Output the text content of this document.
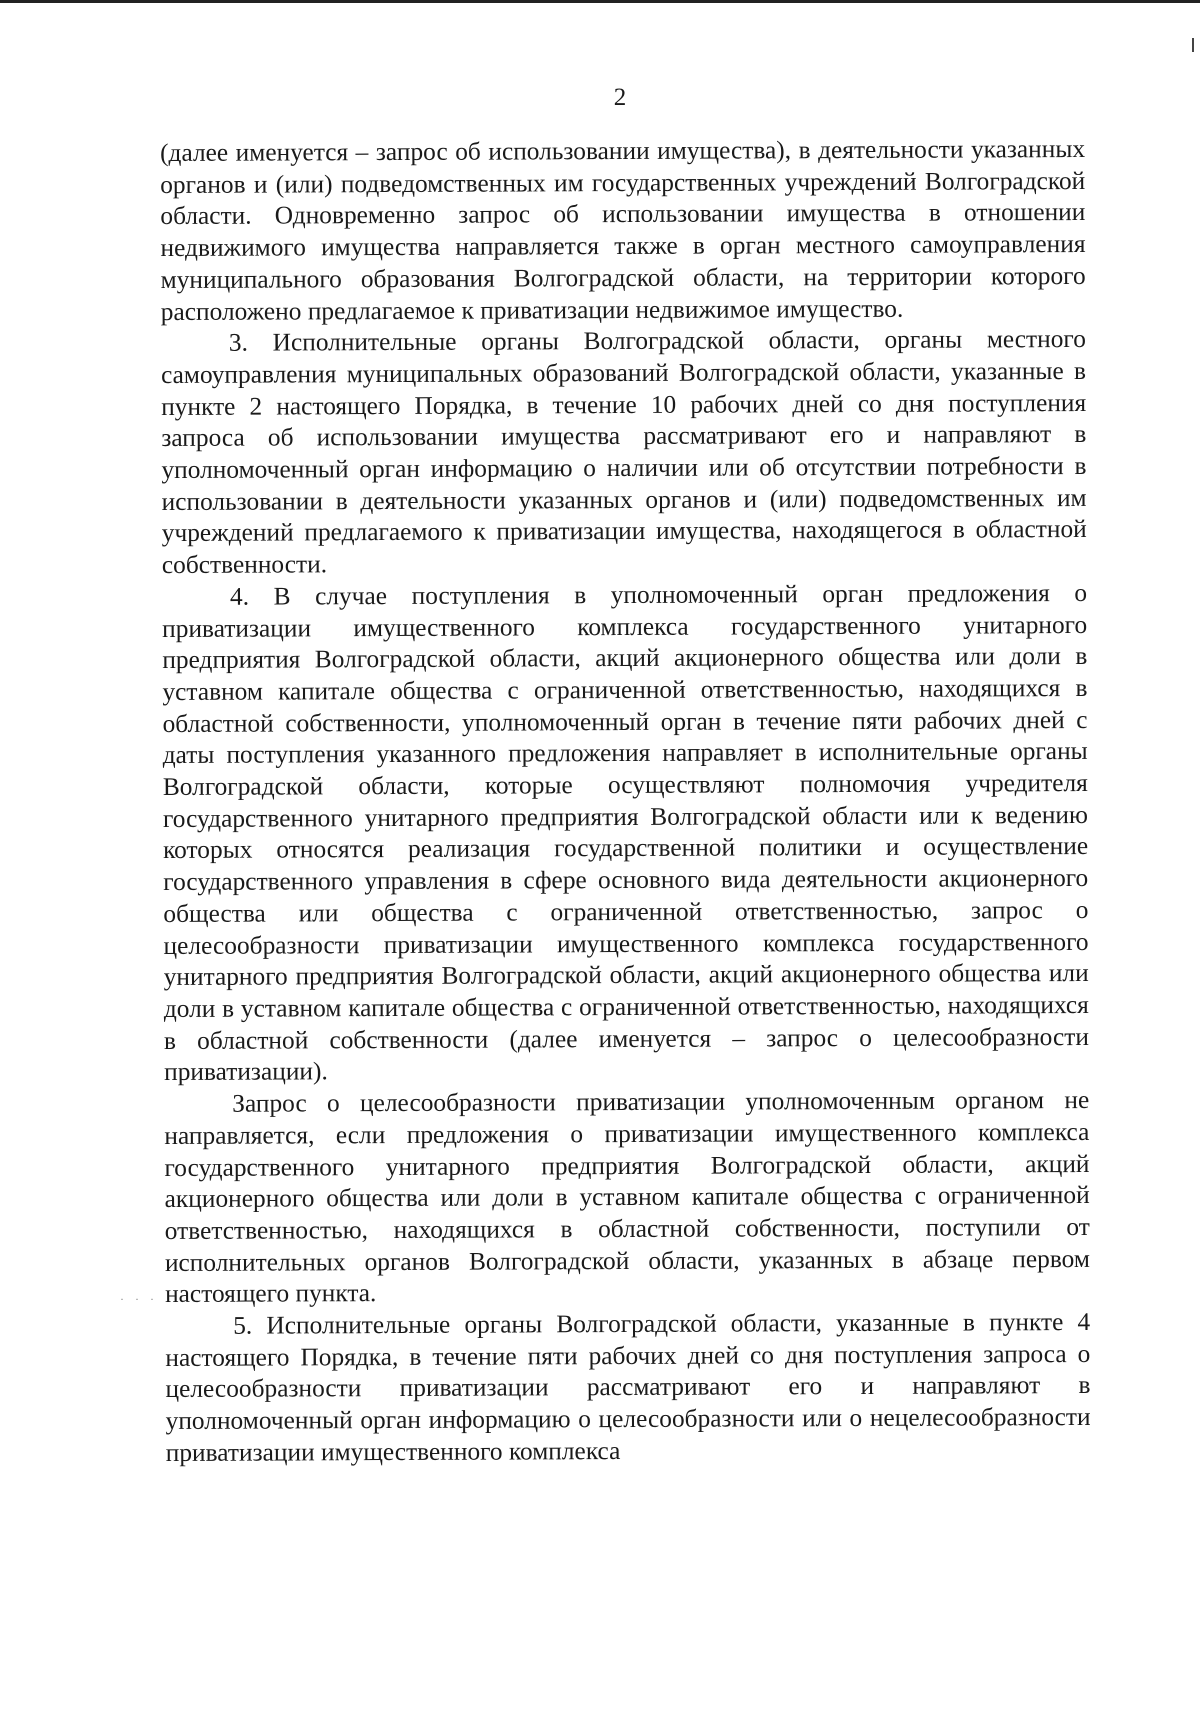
2

(далее именуется – запрос об использовании имущества), в деятельности указанных органов и (или) подведомственных им государственных учреждений Волгоградской области. Одновременно запрос об использовании имущества в отношении недвижимого имущества направляется также в орган местного самоуправления муниципального образования Волгоградской области, на территории которого расположено предлагаемое к приватизации недвижимое имущество.

3. Исполнительные органы Волгоградской области, органы местного самоуправления муниципальных образований Волгоградской области, указанные в пункте 2 настоящего Порядка, в течение 10 рабочих дней со дня поступления запроса об использовании имущества рассматривают его и направляют в уполномоченный орган информацию о наличии или об отсутствии потребности в использовании в деятельности указанных органов и (или) подведомственных им учреждений предлагаемого к приватизации имущества, находящегося в областной собственности.

4. В случае поступления в уполномоченный орган предложения о приватизации имущественного комплекса государственного унитарного предприятия Волгоградской области, акций акционерного общества или доли в уставном капитале общества с ограниченной ответственностью, находящихся в областной собственности, уполномоченный орган в течение пяти рабочих дней с даты поступления указанного предложения направляет в исполнительные органы Волгоградской области, которые осуществляют полномочия учредителя государственного унитарного предприятия Волгоградской области или к ведению которых относятся реализация государственной политики и осуществление государственного управления в сфере основного вида деятельности акционерного общества или общества с ограниченной ответственностью, запрос о целесообразности приватизации имущественного комплекса государственного унитарного предприятия Волгоградской области, акций акционерного общества или доли в уставном капитале общества с ограниченной ответственностью, находящихся в областной собственности (далее именуется – запрос о целесообразности приватизации).

Запрос о целесообразности приватизации уполномоченным органом не направляется, если предложения о приватизации имущественного комплекса государственного унитарного предприятия Волгоградской области, акций акционерного общества или доли в уставном капитале общества с ограниченной ответственностью, находящихся в областной собственности, поступили от исполнительных органов Волгоградской области, указанных в абзаце первом настоящего пункта.

5. Исполнительные органы Волгоградской области, указанные в пункте 4 настоящего Порядка, в течение пяти рабочих дней со дня поступления запроса о целесообразности приватизации рассматривают его и направляют в уполномоченный орган информацию о целесообразности или о нецелесообразности приватизации имущественного комплекса

· · ·
